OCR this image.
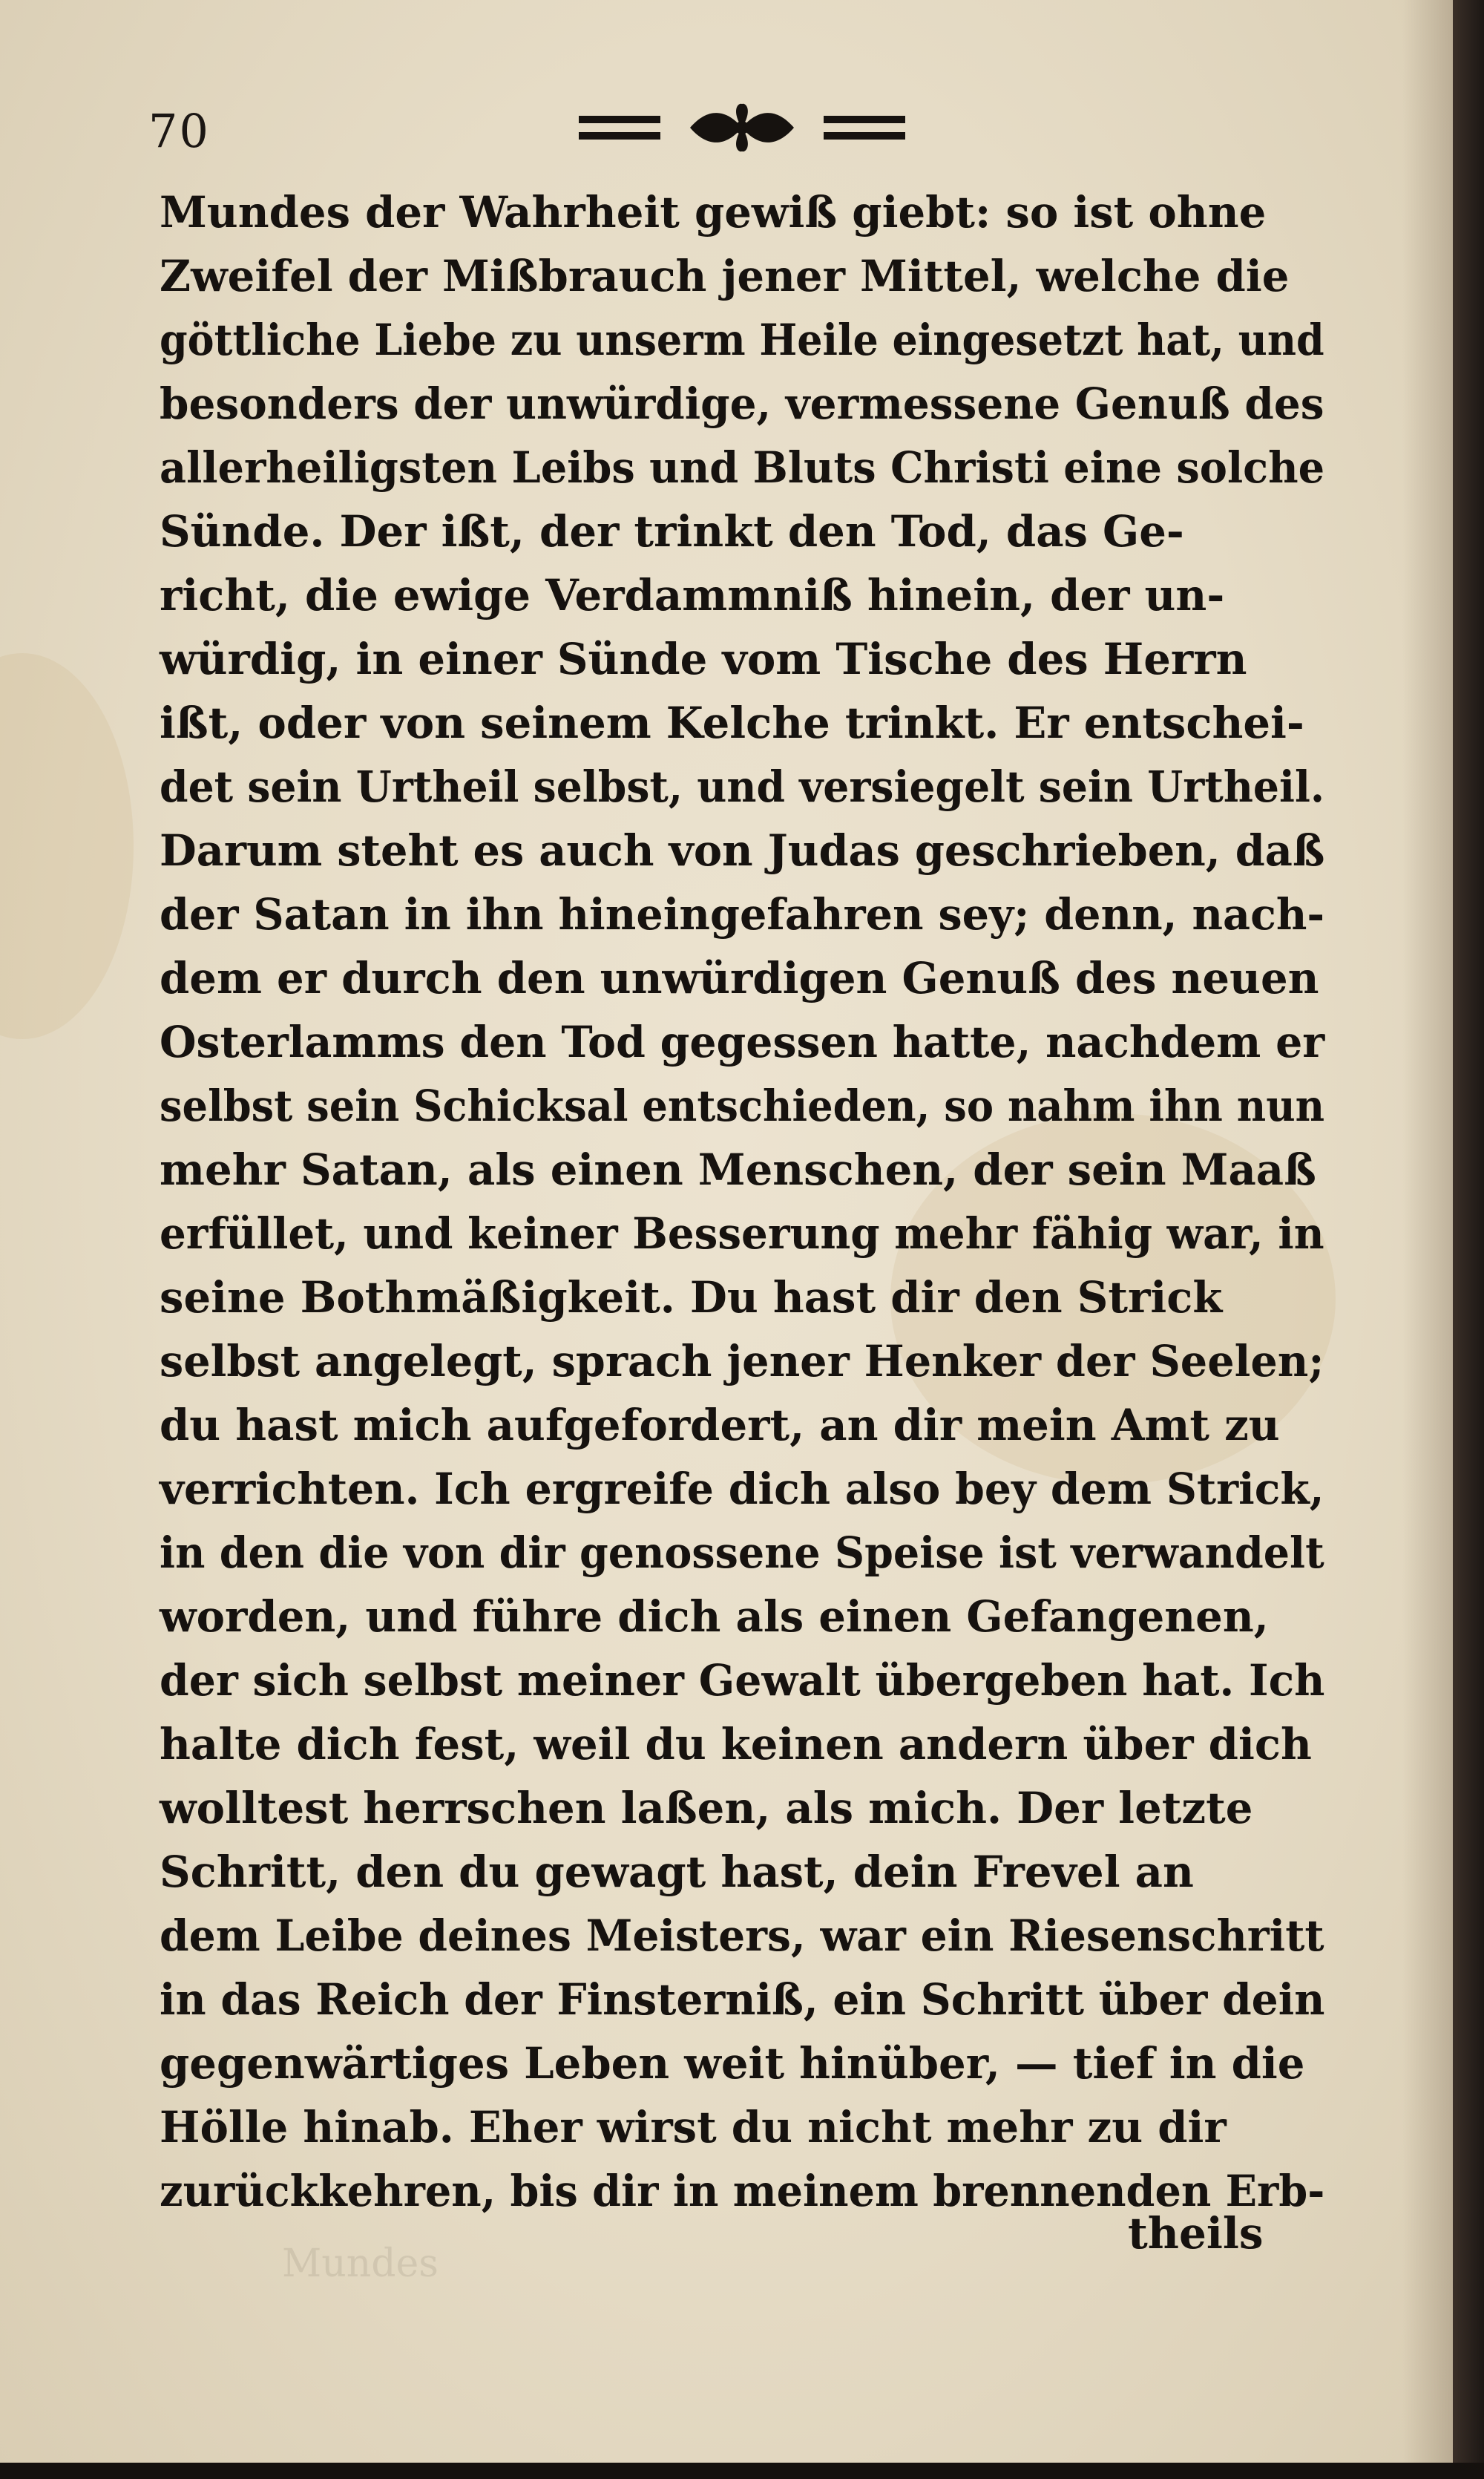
70
Mundes der Wahrheit gewiß giebt: so ist ohne
Zweifel der Mißbrauch jener Mittel, welche die
göttliche Liebe zu unserm Heile eingesetzt hat, und
besonders der unwürdige, vermessene Genuß des
allerheiligsten Leibs und Bluts Christi eine solche
Sünde. Der ißt, der trinkt den Tod, das Ge-
richt, die ewige Verdammniß hinein, der un-
würdig, in einer Sünde vom Tische des Herrn
ißt, oder von seinem Kelche trinkt. Er entschei-
det sein Urtheil selbst, und versiegelt sein Urtheil.
Darum steht es auch von Judas geschrieben, daß
der Satan in ihn hineingefahren sey; denn, nach-
dem er durch den unwürdigen Genuß des neuen
Osterlamms den Tod gegessen hatte, nachdem er
selbst sein Schicksal entschieden, so nahm ihn nun
mehr Satan, als einen Menschen, der sein Maaß
erfüllet, und keiner Besserung mehr fähig war, in
seine Bothmäßigkeit. Du hast dir den Strick
selbst angelegt, sprach jener Henker der Seelen;
du hast mich aufgefordert, an dir mein Amt zu
verrichten. Ich ergreife dich also bey dem Strick,
in den die von dir genossene Speise ist verwandelt
worden, und führe dich als einen Gefangenen,
der sich selbst meiner Gewalt übergeben hat. Ich
halte dich fest, weil du keinen andern über dich
wolltest herrschen laßen, als mich. Der letzte
Schritt, den du gewagt hast, dein Frevel an
dem Leibe deines Meisters, war ein Riesenschritt
in das Reich der Finsterniß, ein Schritt über dein
gegenwärtiges Leben weit hinüber, — tief in die
Hölle hinab. Eher wirst du nicht mehr zu dir
zurückkehren, bis dir in meinem brennenden Erb-
theils
Mundes
